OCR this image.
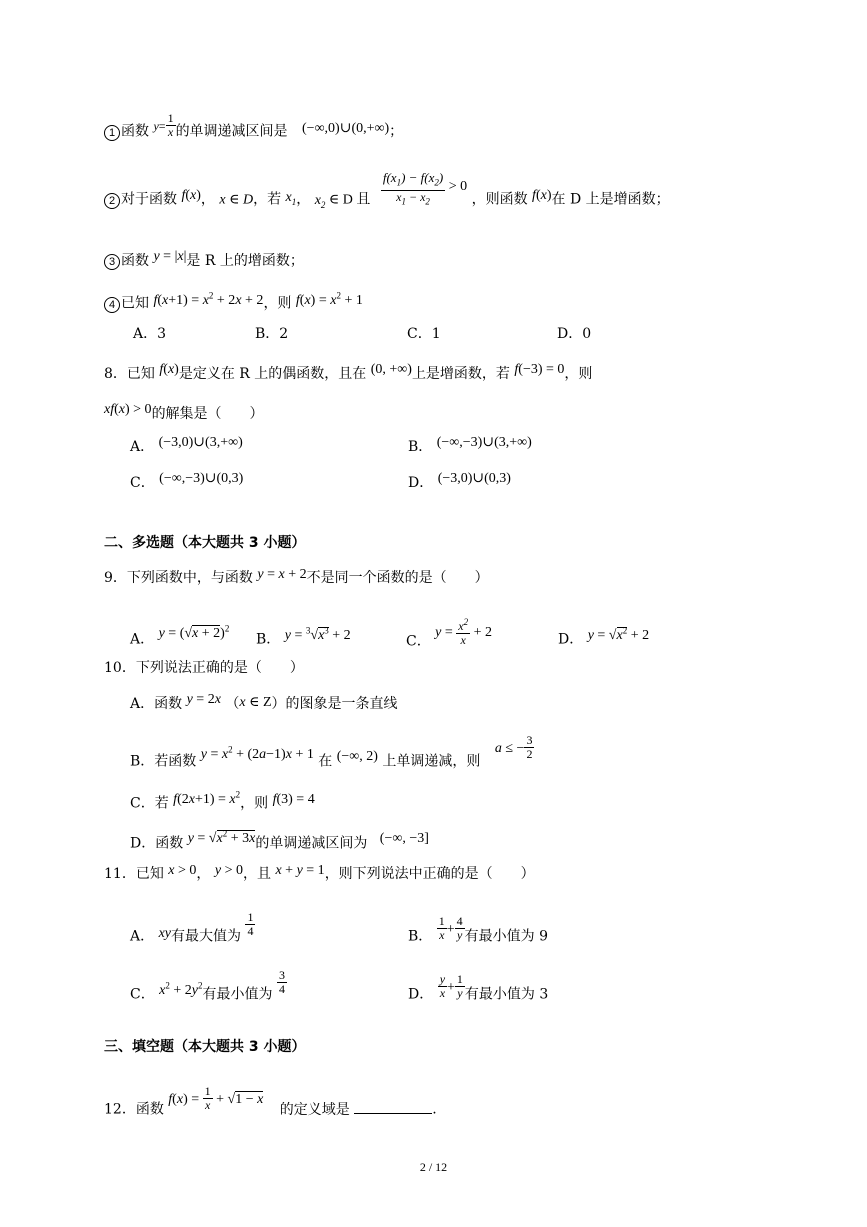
1 函数 $y= \frac{1}{x}$ 的单调递减区间是 (−∞,0)∪(0,+∞)；
2 对于函数 f(x)， x ∈ D，若 $x_1$， $x_2$ ∈ D 且 $\frac{f(x_1) - f(x_2)}{x_1 - x_2} > 0$ ，则函数 f(x)在 D 上是增函数；
3 函数 y = |x|是 R 上的增函数；
4 已知 $f(x+1) = x^2 + 2x + 2$，则 $f(x) = x^2 + 1$
A．3	B．2	C．1	D．0
8．已知 f(x)是定义在 R 上的偶函数，且在 (0, +∞)上是增函数，若 f(−3) = 0，则
xf(x) > 0的解集是（　　）
A． (−3,0)∪(3,+∞)	B． (−∞,−3)∪(3,+∞)
C． (−∞,−3)∪(0,3)	D． (−3,0)∪(0,3)
二、多选题（本大题共 3 小题）
9．下列函数中，与函数 y = x + 2不是同一个函数的是（　　）
A． $y = (√x + 2)^2$
B． $y = ^3√x^3 + 2$	C． $y = \frac{x^2}{x} + 2$	D． $y = √x^2 + 2$
10．下列说法正确的是（　　）
A．函数 y = 2x （x ∈ Z）的图象是一条直线
B．若函数 $y = x^2 + (2a-1)x + 1$ 在 (−∞, 2) 上单调递减，则 a ≤ − $\frac{3}{2}$
C．若 $f(2x+1) = x^2$，则 f(3) = 4
D．函数 $y = √x^2 + 3x$的单调递减区间为 (−∞, −3]
11．已知 x > 0， y > 0，且 x + y = 1，则下列说法中正确的是（　　）
A． xy有最大值为 $\frac{1}{4}$	B． $\frac{1}{x} + \frac{4}{y}$ 有最小值为 9
C． $x^2 + 2y^2$有最小值为 $\frac{3}{4}$	D． $\frac{y}{x} + \frac{1}{y}$ 有最小值为 3
三、填空题（本大题共 3 小题）
12．函数 $f(x) = \frac{1}{x} + √1 - x$ 的定义域是	.
2 / 12
